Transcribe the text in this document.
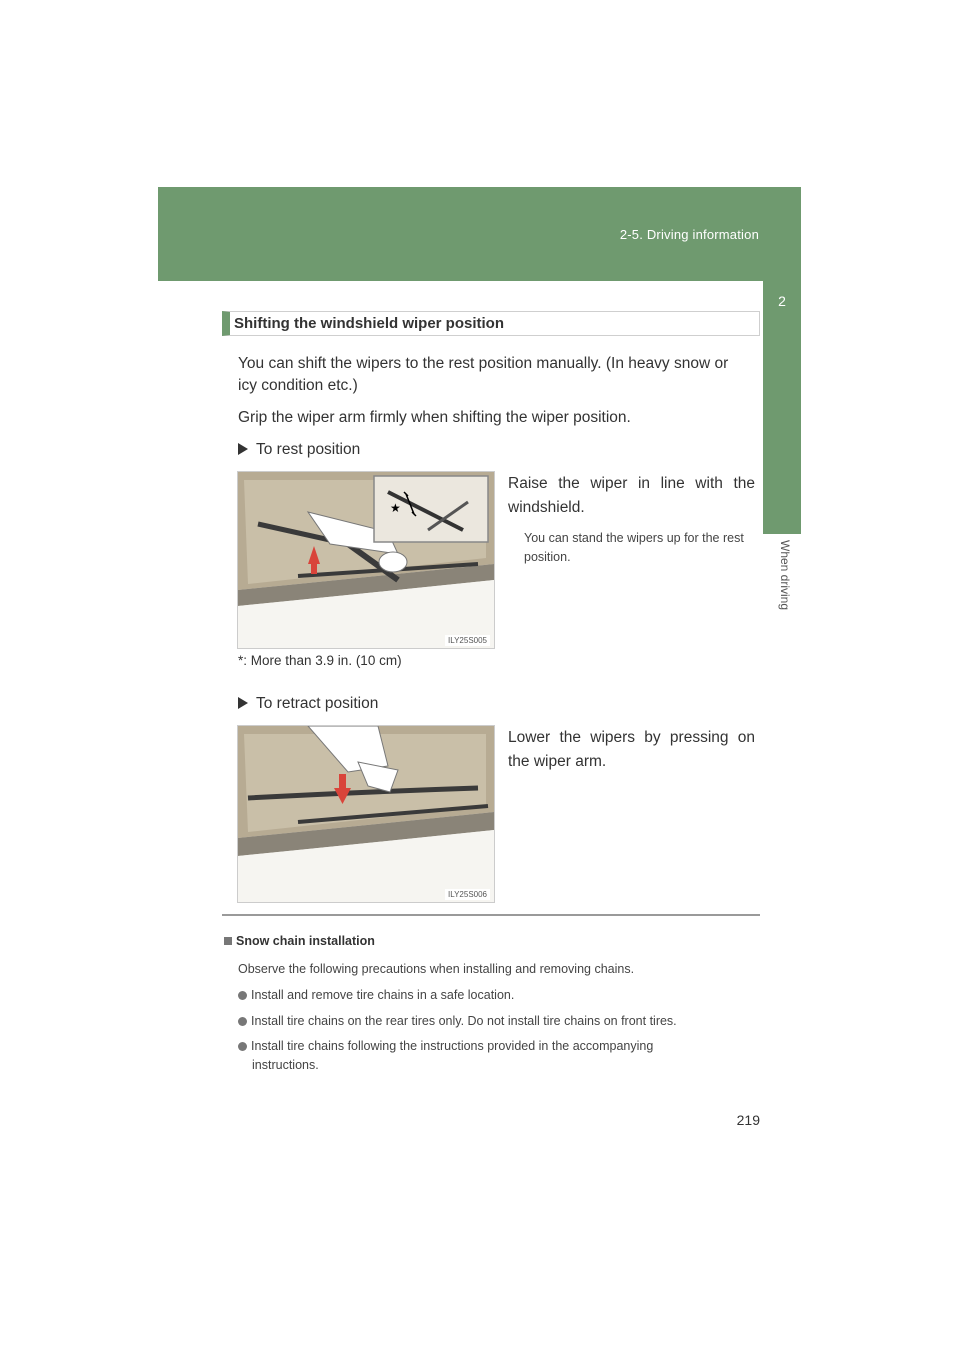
2-5. Driving information
2
When driving
Shifting the windshield wiper position
You can shift the wipers to the rest position manually. (In heavy snow or
icy condition etc.)
Grip the wiper arm firmly when shifting the wiper position.
To rest position
★
ILY25S005
Raise the wiper in line with the windshield.
You can stand the wipers up for the rest position.
*: More than 3.9 in. (10 cm)
To retract position
ILY25S006
Lower the wipers by pressing on the wiper arm.
Snow chain installation
Observe the following precautions when installing and removing chains.
Install and remove tire chains in a safe location.
Install tire chains on the rear tires only. Do not install tire chains on front tires.
Install tire chains following the instructions provided in the accompanying
instructions.
219
